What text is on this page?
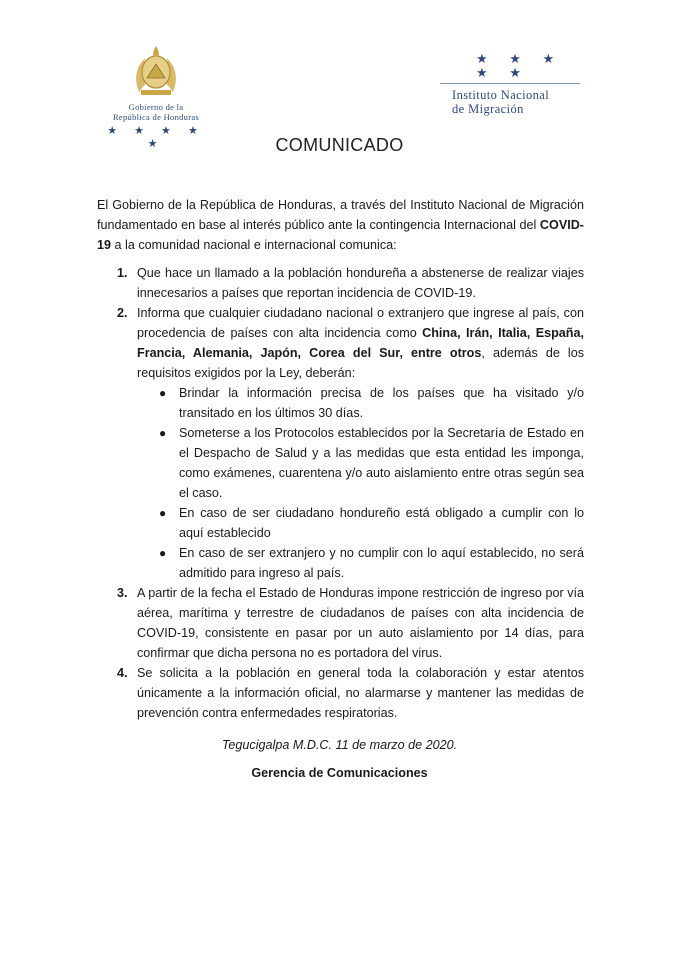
Gobierno de la
República de Honduras
★ ★ ★ ★ ★
★ ★ ★ ★ ★
Instituto Nacional
de Migración
COMUNICADO
El Gobierno de la República de Honduras, a través del Instituto Nacional de Migración fundamentado en base al interés público ante la contingencia Internacional del COVID-19 a la comunidad nacional e internacional comunica:
1. Que hace un llamado a la población hondureña a abstenerse de realizar viajes innecesarios a países que reportan incidencia de COVID-19.
2. Informa que cualquier ciudadano nacional o extranjero que ingrese al país, con procedencia de países con alta incidencia como China, Irán, Italia, España, Francia, Alemania, Japón, Corea del Sur, entre otros, además de los requisitos exigidos por la Ley, deberán:
● Brindar la información precisa de los países que ha visitado y/o transitado en los últimos 30 días.
● Someterse a los Protocolos establecidos por la Secretaría de Estado en el Despacho de Salud y a las medidas que esta entidad les imponga, como exámenes, cuarentena y/o auto aislamiento entre otras según sea el caso.
● En caso de ser ciudadano hondureño está obligado a cumplir con lo aquí establecido
● En caso de ser extranjero y no cumplir con lo aquí establecido, no será admitido para ingreso al país.
3. A partir de la fecha el Estado de Honduras impone restricción de ingreso por vía aérea, marítima y terrestre de ciudadanos de países con alta incidencia de COVID-19, consistente en pasar por un auto aislamiento por 14 días, para confirmar que dicha persona no es portadora del virus.
4. Se solicita a la población en general toda la colaboración y estar atentos únicamente a la información oficial, no alarmarse y mantener las medidas de prevención contra enfermedades respiratorias.
Tegucigalpa M.D.C. 11 de marzo de 2020.
Gerencia de Comunicaciones
